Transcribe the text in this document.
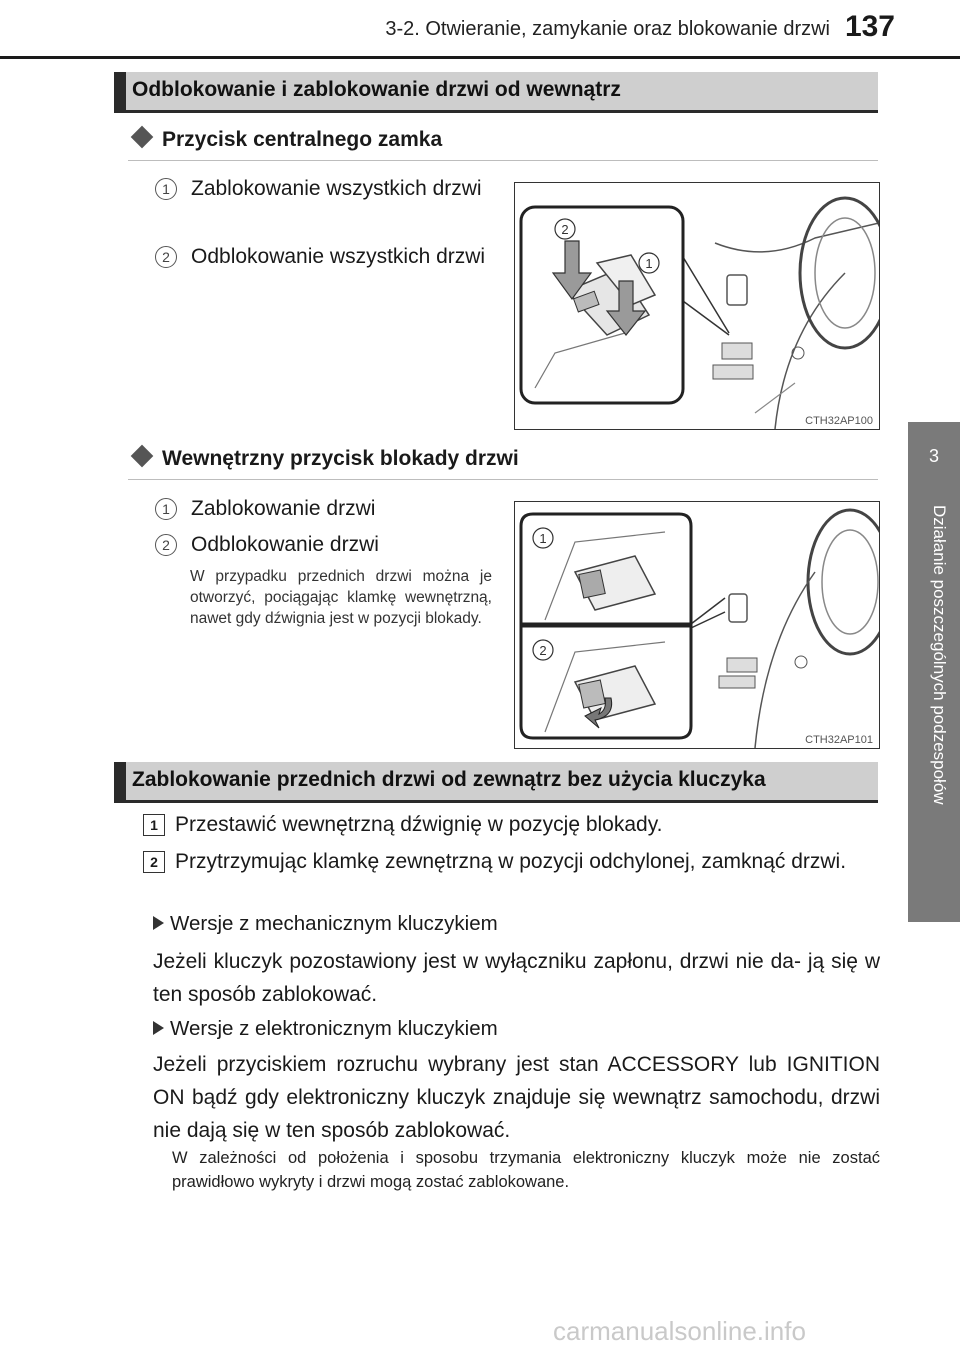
3-2. Otwieranie, zamykanie oraz blokowanie drzwi 137
3
Działanie poszczególnych podzespołów
Odblokowanie i zablokowanie drzwi od wewnątrz
Przycisk centralnego zamka
1	Zablokowanie wszystkich drzwi
2	Odblokowanie wszystkich drzwi
2
1
CTH32AP100
Wewnętrzny przycisk blokady drzwi
1	Zablokowanie drzwi
2	Odblokowanie drzwi
W przypadku przednich drzwi można je otworzyć, pociągając klamkę wewnętrzną, nawet gdy dźwignia jest w pozycji blokady.
1
2
CTH32AP101
Zablokowanie przednich drzwi od zewnątrz bez użycia kluczyka
1 Przestawić wewnętrzną dźwignię w pozycję blokady.
2 Przytrzymując klamkę zewnętrzną w pozycji odchylonej, zamknąć drzwi.
Wersje z mechanicznym kluczykiem
Jeżeli kluczyk pozostawiony jest w wyłączniku zapłonu, drzwi nie da- ją się w ten sposób zablokować.
Wersje z elektronicznym kluczykiem
Jeżeli przyciskiem rozruchu wybrany jest stan ACCESSORY lub IGNITION ON bądź gdy elektroniczny kluczyk znajduje się wewnątrz samochodu, drzwi nie dają się w ten sposób zablokować.
W zależności od położenia i sposobu trzymania elektroniczny kluczyk może nie zostać prawidłowo wykryty i drzwi mogą zostać zablokowane.
carmanualsonline.info
